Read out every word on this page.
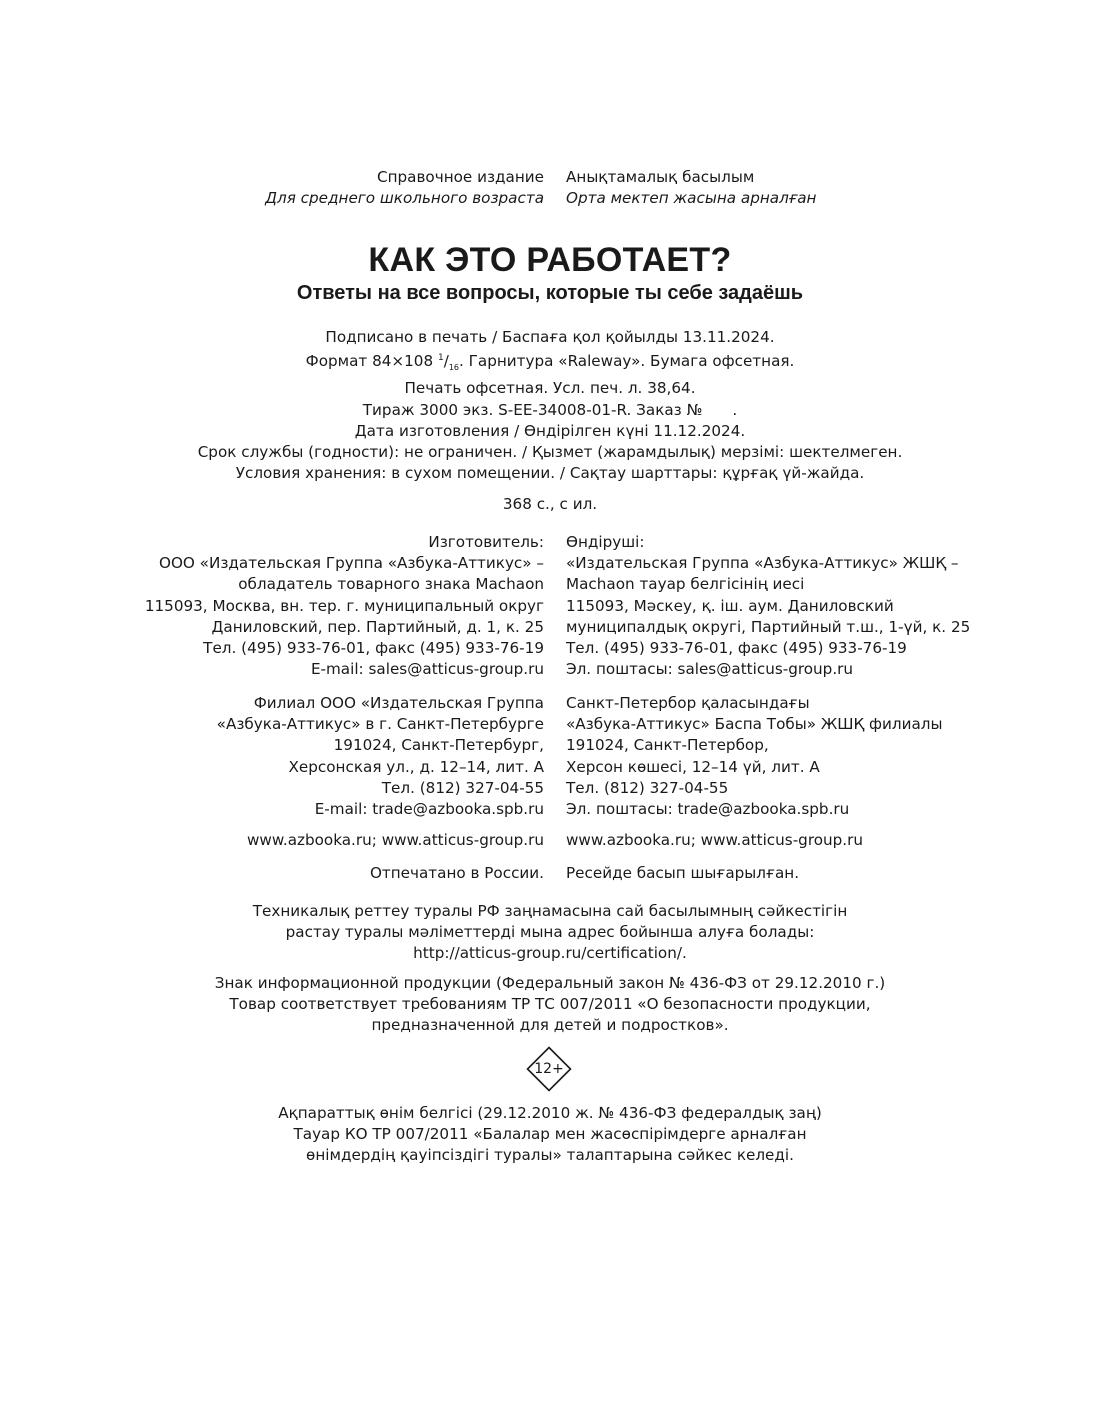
Справочное издание
Для среднего школьного возраста
Анықтамалық басылым
Орта мектеп жасына арналған
КАК ЭТО РАБОТАЕТ?
Ответы на все вопросы, которые ты себе задаёшь
Подписано в печать / Баспаға қол қойылды 13.11.2024.
Формат 84×108 $^1/_{16}$. Гарнитура «Raleway». Бумага офсетная.
Печать офсетная. Усл. печ. л. 38,64.
Тираж 3000 экз. S-EE-34008-01-R. Заказ № .
Дата изготовления / Өндірілген күні 11.12.2024.
Срок службы (годности): не ограничен. / Қызмет (жарамдылық) мерзімі: шектелмеген.
Условия хранения: в сухом помещении. / Сақтау шарттары: құрғақ үй-жайда.
368 с., с ил.
Изготовитель:
ООО «Издательская Группа «Азбука-Аттикус» –
обладатель товарного знака Machaon
115093, Москва, вн. тер. г. муниципальный округ
Даниловский, пер. Партийный, д. 1, к. 25
Тел. (495) 933-76-01, факс (495) 933-76-19
E-mail: sales@atticus-group.ru
Өндіруші:
«Издательская Группа «Азбука-Аттикус» ЖШҚ –
Machaon тауар белгісінің иесі
115093, Мәскеу, қ. іш. аум. Даниловский
муниципалдық округі, Партийный т.ш., 1-үй, к. 25
Тел. (495) 933-76-01, факс (495) 933-76-19
Эл. поштасы: sales@atticus-group.ru
Филиал ООО «Издательская Группа
«Азбука-Аттикус» в г. Санкт-Петербурге
191024, Санкт-Петербург,
Херсонская ул., д. 12–14, лит. А
Тел. (812) 327-04-55
E-mail: trade@azbooka.spb.ru
Санкт-Петербор қаласындағы
«Азбука-Аттикус» Баспа Тобы» ЖШҚ филиалы
191024, Санкт-Петербор,
Херсон көшесі, 12–14 үй, лит. А
Тел. (812) 327-04-55
Эл. поштасы: trade@azbooka.spb.ru
www.azbooka.ru; www.atticus-group.ru www.azbooka.ru; www.atticus-group.ru
Отпечатано в России. Ресейде басып шығарылған.
Техникалық реттеу туралы РФ заңнамасына сай басылымның сәйкестігін
растау туралы мәліметтерді мына адрес бойынша алуға болады:
http://atticus-group.ru/certification/.
Знак информационной продукции (Федеральный закон № 436-ФЗ от 29.12.2010 г.)
Товар соответствует требованиям ТР ТС 007/2011 «О безопасности продукции,
предназначенной для детей и подростков».
12+
Ақпараттық өнім белгісі (29.12.2010 ж. № 436-ФЗ федералдық заң)
Тауар КО ТР 007/2011 «Балалар мен жасөспірімдерге арналған
өнімдердің қауіпсіздігі туралы» талаптарына сәйкес келеді.
